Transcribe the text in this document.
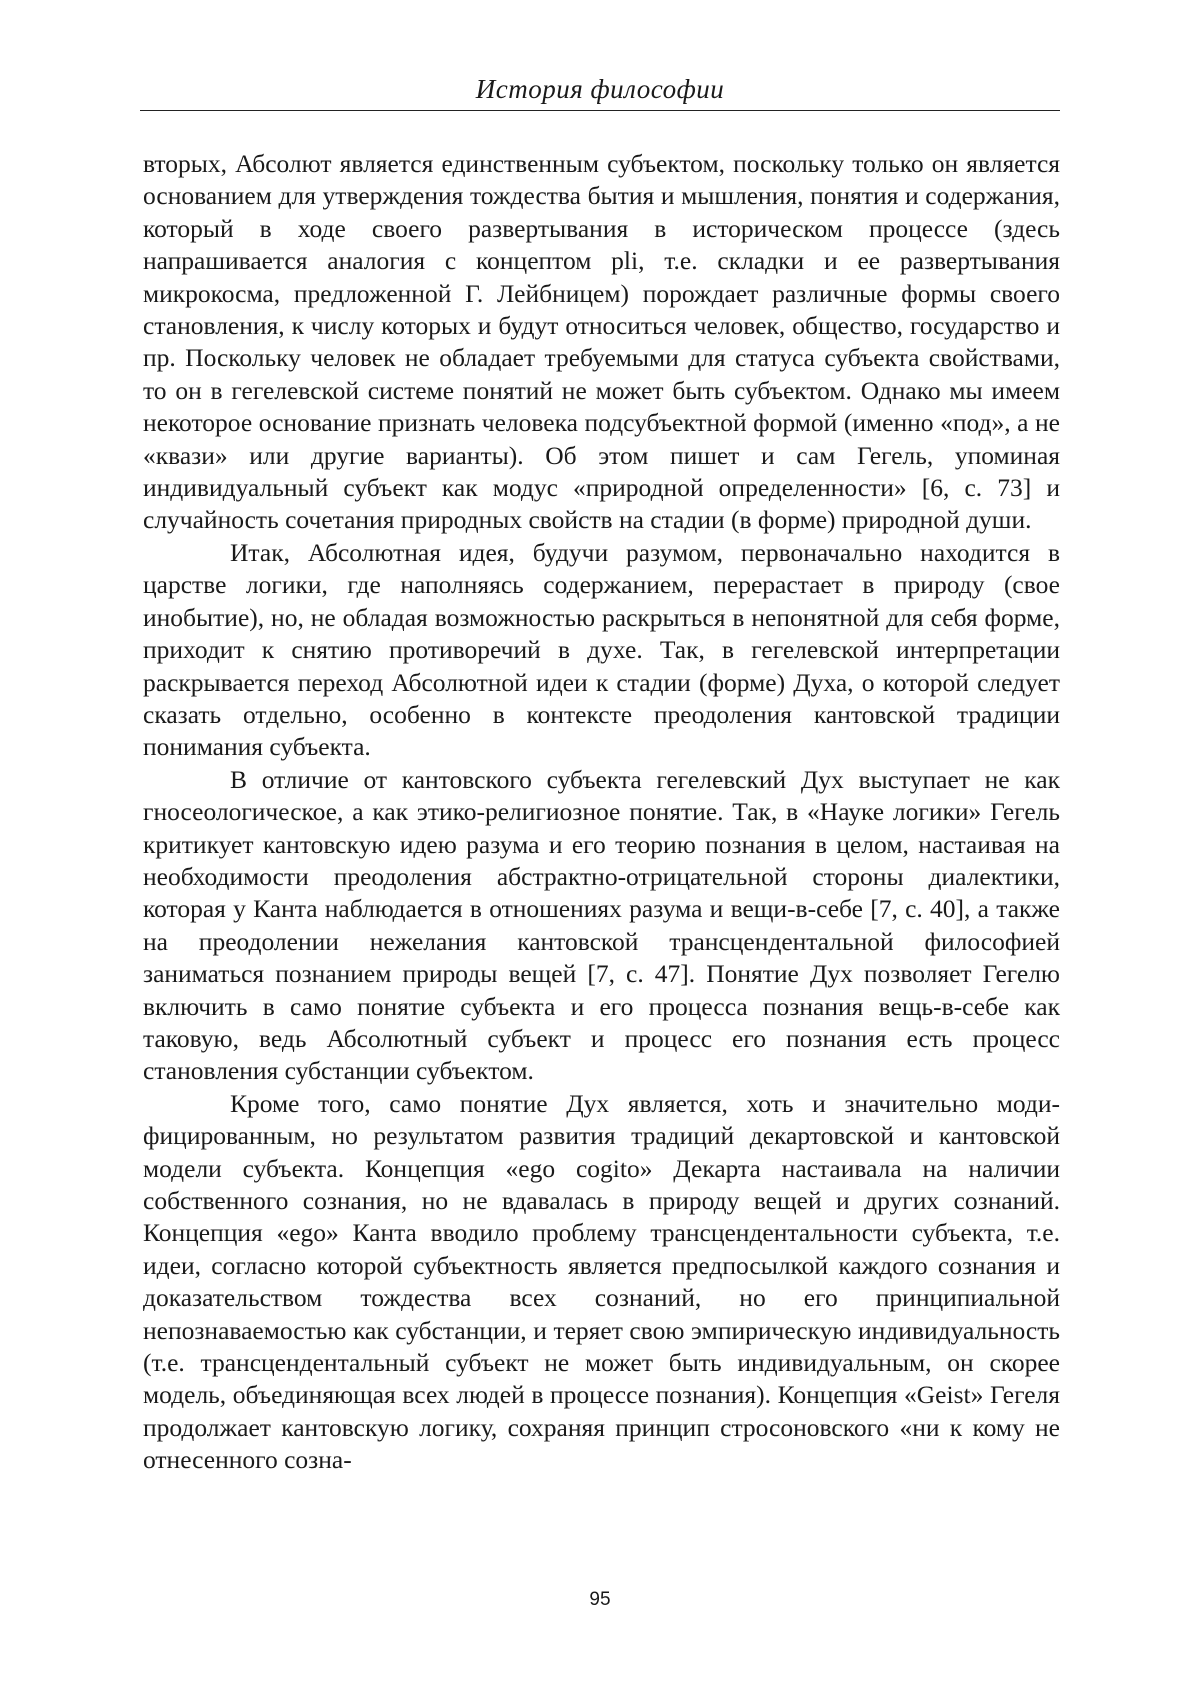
История философии

вторых, Абсолют является единственным субъектом, поскольку только он является основанием для утверждения тождества бытия и мышления, понятия и содержания, который в ходе своего развертывания в историческом процессе (здесь напрашивается аналогия с концептом pli, т.е. складки и ее развертывания микрокосма, предложенной Г. Лейбницем) порождает различные формы своего становления, к числу которых и будут относиться человек, общество, государство и пр. Поскольку человек не обладает требуемыми для статуса субъекта свойствами, то он в гегелевской системе понятий не может быть субъектом. Однако мы имеем некоторое основание признать человека подсубъектной формой (именно «под», а не «квази» или другие варианты). Об этом пишет и сам Гегель, упоминая индивидуальный субъект как модус «природной определенности» [6, с. 73] и случайность сочетания природных свойств на стадии (в форме) природной души.

Итак, Абсолютная идея, будучи разумом, первоначально находится в царстве логики, где наполняясь содержанием, перерастает в природу (свое инобытие), но, не обладая возможностью раскрыться в непонятной для себя форме, приходит к снятию противоречий в духе. Так, в гегелевской интерпретации раскрывается переход Абсолютной идеи к стадии (форме) Духа, о которой следует сказать отдельно, особенно в контексте преодоления кантовской традиции понимания субъекта.

В отличие от кантовского субъекта гегелевский Дух выступает не как гносеологическое, а как этико-религиозное понятие. Так, в «Науке логики» Гегель критикует кантовскую идею разума и его теорию познания в целом, настаивая на необходимости преодоления абстрактно-отрицательной стороны диалектики, которая у Канта наблюдается в отношениях разума и вещи-в-себе [7, с. 40], а также на преодолении нежелания кантовской трансцендентальной философией заниматься познанием природы вещей [7, с. 47]. Понятие Дух позволяет Гегелю включить в само понятие субъекта и его процесса познания вещь-в-себе как таковую, ведь Абсолютный субъект и процесс его познания есть процесс становления субстанции субъектом.

Кроме того, само понятие Дух является, хоть и значительно модифицированным, но результатом развития традиций декартовской и кантовской модели субъекта. Концепция «ego cogito» Декарта настаивала на наличии собственного сознания, но не вдавалась в природу вещей и других сознаний. Концепция «ego» Канта вводило проблему трансцендентальности субъекта, т.е. идеи, согласно которой субъектность является предпосылкой каждого сознания и доказательством тождества всех сознаний, но его принципиальной непознаваемостью как субстанции, и теряет свою эмпирическую индивидуальность (т.е. трансцендентальный субъект не может быть индивидуальным, он скорее модель, объединяющая всех людей в процессе познания). Концепция «Geist» Гегеля продолжает кантовскую логику, сохраняя принцип стросоновского «ни к кому не отнесенного созна-

95
